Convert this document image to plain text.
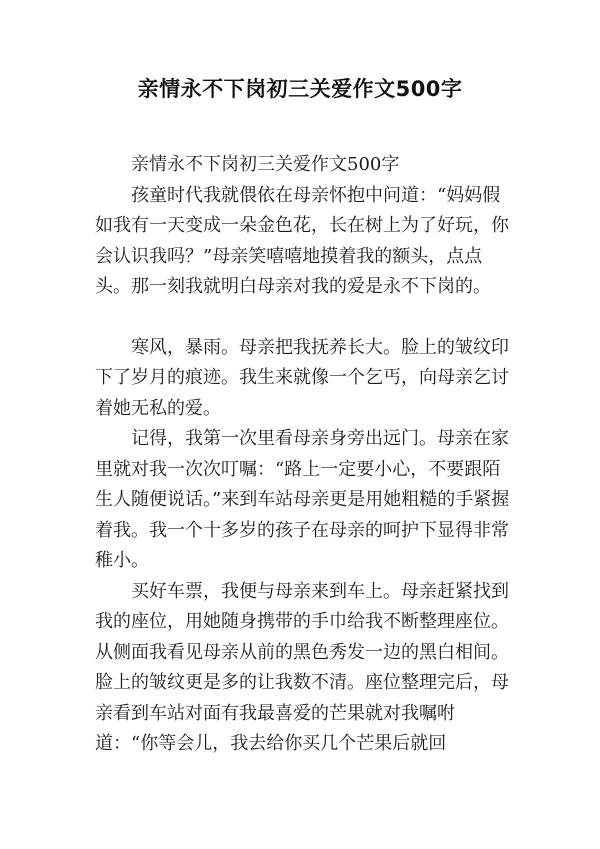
亲情永不下岗初三关爱作文500字

亲情永不下岗初三关爱作文500字

孩童时代我就偎依在母亲怀抱中问道：“妈妈假如我有一天变成一朵金色花，长在树上为了好玩，你会认识我吗？”母亲笑嘻嘻地摸着我的额头，点点头。那一刻我就明白母亲对我的爱是永不下岗的。

寒风，暴雨。母亲把我抚养长大。脸上的皱纹印下了岁月的痕迹。我生来就像一个乞丐，向母亲乞讨着她无私的爱。

记得，我第一次里看母亲身旁出远门。母亲在家里就对我一次次叮嘱：“路上一定要小心，不要跟陌生人随便说话。”来到车站母亲更是用她粗糙的手紧握着我。我一个十多岁的孩子在母亲的呵护下显得非常稚小。

买好车票，我便与母亲来到车上。母亲赶紧找到我的座位，用她随身携带的手巾给我不断整理座位。从侧面我看见母亲从前的黑色秀发一边的黑白相间。脸上的皱纹更是多的让我数不清。座位整理完后，母亲看到车站对面有我最喜爱的芒果就对我嘱咐道：“你等会儿，我去给你买几个芒果后就回
